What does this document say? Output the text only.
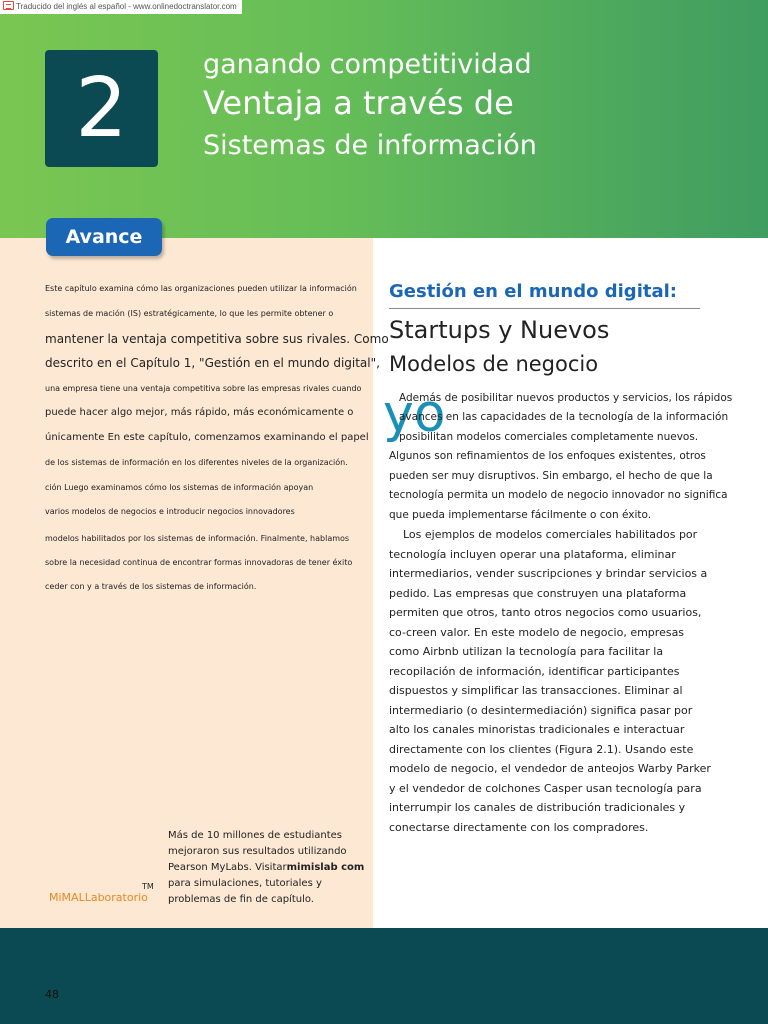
Traducido del inglés al español - www.onlinedoctranslator.com
2	ganando competitividad
Ventaja a través de
Sistemas de información
Avance
Este capítulo examina cómo las organizaciones pueden utilizar la información
sistemas de mación (IS) estratégicamente, lo que les permite obtener o
mantener la ventaja competitiva sobre sus rivales. Como
descrito en el Capítulo 1, "Gestión en el mundo digital",
una empresa tiene una ventaja competitiva sobre las empresas rivales cuando
puede hacer algo mejor, más rápido, más económicamente o
únicamente En este capítulo, comenzamos examinando el papel
de los sistemas de información en los diferentes niveles de la organización.
ción Luego examinamos cómo los sistemas de información apoyan
varios modelos de negocios e introducir negocios innovadores
modelos habilitados por los sistemas de información. Finalmente, hablamos
sobre la necesidad continua de encontrar formas innovadoras de tener éxito
ceder con y a través de los sistemas de información.
Más de 10 millones de estudiantes
mejoraron sus resultados utilizando
Pearson MyLabs. Visitarmimislab com
para simulaciones, tutoriales y
problemas de fin de capítulo.
MiMALLaboratorio
TM
Gestión en el mundo digital:
Startups y Nuevos
Modelos de negocio
yo
Además de posibilitar nuevos productos y servicios, los rápidos
avances en las capacidades de la tecnología de la información
posibilitan modelos comerciales completamente nuevos.
Algunos son refinamientos de los enfoques existentes, otros
pueden ser muy disruptivos. Sin embargo, el hecho de que la
tecnología permita un modelo de negocio innovador no significa
que pueda implementarse fácilmente o con éxito.
Los ejemplos de modelos comerciales habilitados por
tecnología incluyen operar una plataforma, eliminar
intermediarios, vender suscripciones y brindar servicios a
pedido. Las empresas que construyen una plataforma
permiten que otros, tanto otros negocios como usuarios,
co-creen valor. En este modelo de negocio, empresas
como Airbnb utilizan la tecnología para facilitar la
recopilación de información, identificar participantes
dispuestos y simplificar las transacciones. Eliminar al
intermediario (o desintermediación) significa pasar por
alto los canales minoristas tradicionales e interactuar
directamente con los clientes (Figura 2.1). Usando este
modelo de negocio, el vendedor de anteojos Warby Parker
y el vendedor de colchones Casper usan tecnología para
interrumpir los canales de distribución tradicionales y
conectarse directamente con los compradores.
48
